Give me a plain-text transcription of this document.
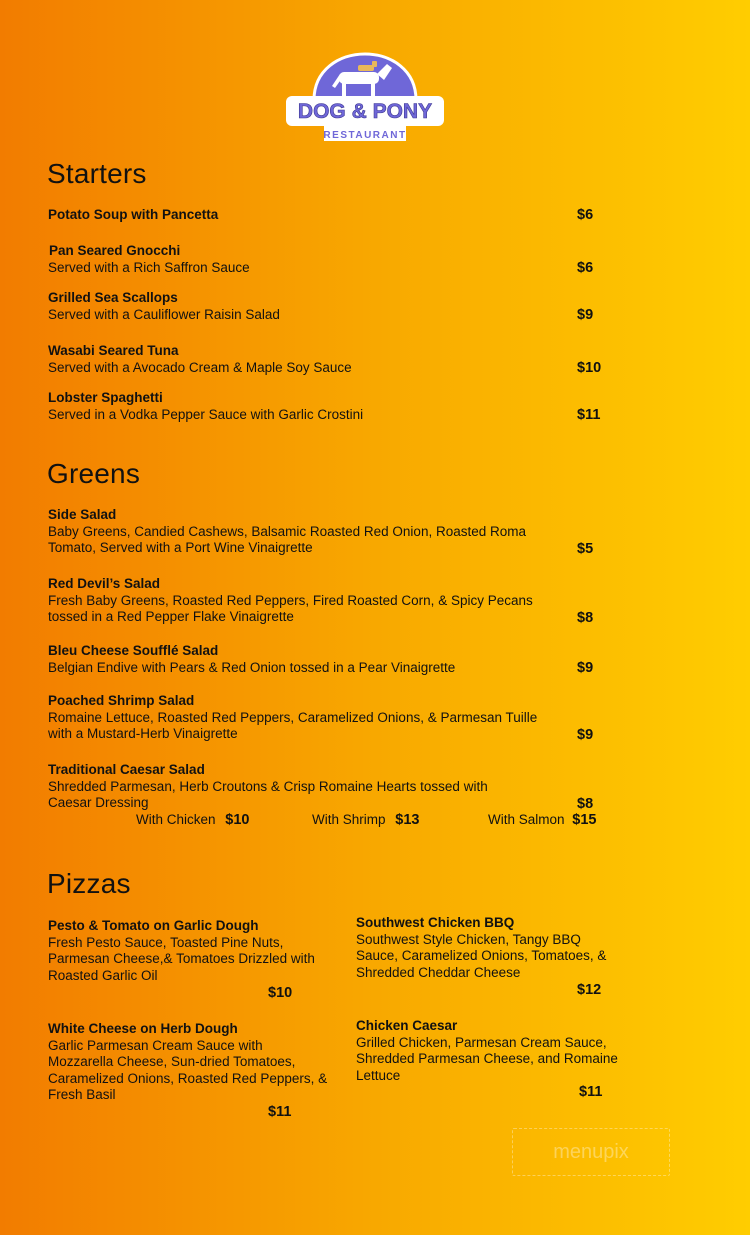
DOG & PONY
RESTAURANT
Starters
Potato Soup with Pancetta	$6
Pan Seared Gnocchi
Served with a Rich Saffron Sauce	$6
Grilled Sea Scallops
Served with a Cauliflower Raisin Salad	$9
Wasabi Seared Tuna
Served with a Avocado Cream & Maple Soy Sauce	$10
Lobster Spaghetti
Served in a Vodka Pepper Sauce with Garlic Crostini	$11
Greens
Side Salad
Baby Greens, Candied Cashews, Balsamic Roasted Red Onion, Roasted Roma
Tomato, Served with a Port Wine Vinaigrette	$5
Red Devil’s Salad
Fresh Baby Greens, Roasted Red Peppers, Fired Roasted Corn, & Spicy Pecans
tossed in a Red Pepper Flake Vinaigrette	$8
Bleu Cheese Soufflé Salad
Belgian Endive with Pears & Red Onion tossed in a Pear Vinaigrette	$9
Poached Shrimp Salad
Romaine Lettuce, Roasted Red Peppers, Caramelized Onions, & Parmesan Tuille
with a Mustard-Herb Vinaigrette	$9
Traditional Caesar Salad
Shredded Parmesan, Herb Croutons & Crisp Romaine Hearts tossed with
Caesar Dressing	$8
With Chicken $10	With Shrimp $13	With Salmon $15
Pizzas
Pesto & Tomato on Garlic Dough
Fresh Pesto Sauce, Toasted Pine Nuts,
Parmesan Cheese,& Tomatoes Drizzled with
Roasted Garlic Oil
$10
Southwest Chicken BBQ
Southwest Style Chicken, Tangy BBQ
Sauce, Caramelized Onions, Tomatoes, &
Shredded Cheddar Cheese
$12
White Cheese on Herb Dough
Garlic Parmesan Cream Sauce with
Mozzarella Cheese, Sun-dried Tomatoes,
Caramelized Onions, Roasted Red Peppers, &
Fresh Basil
$11
Chicken Caesar
Grilled Chicken, Parmesan Cream Sauce,
Shredded Parmesan Cheese, and Romaine
Lettuce
$11
menupix
